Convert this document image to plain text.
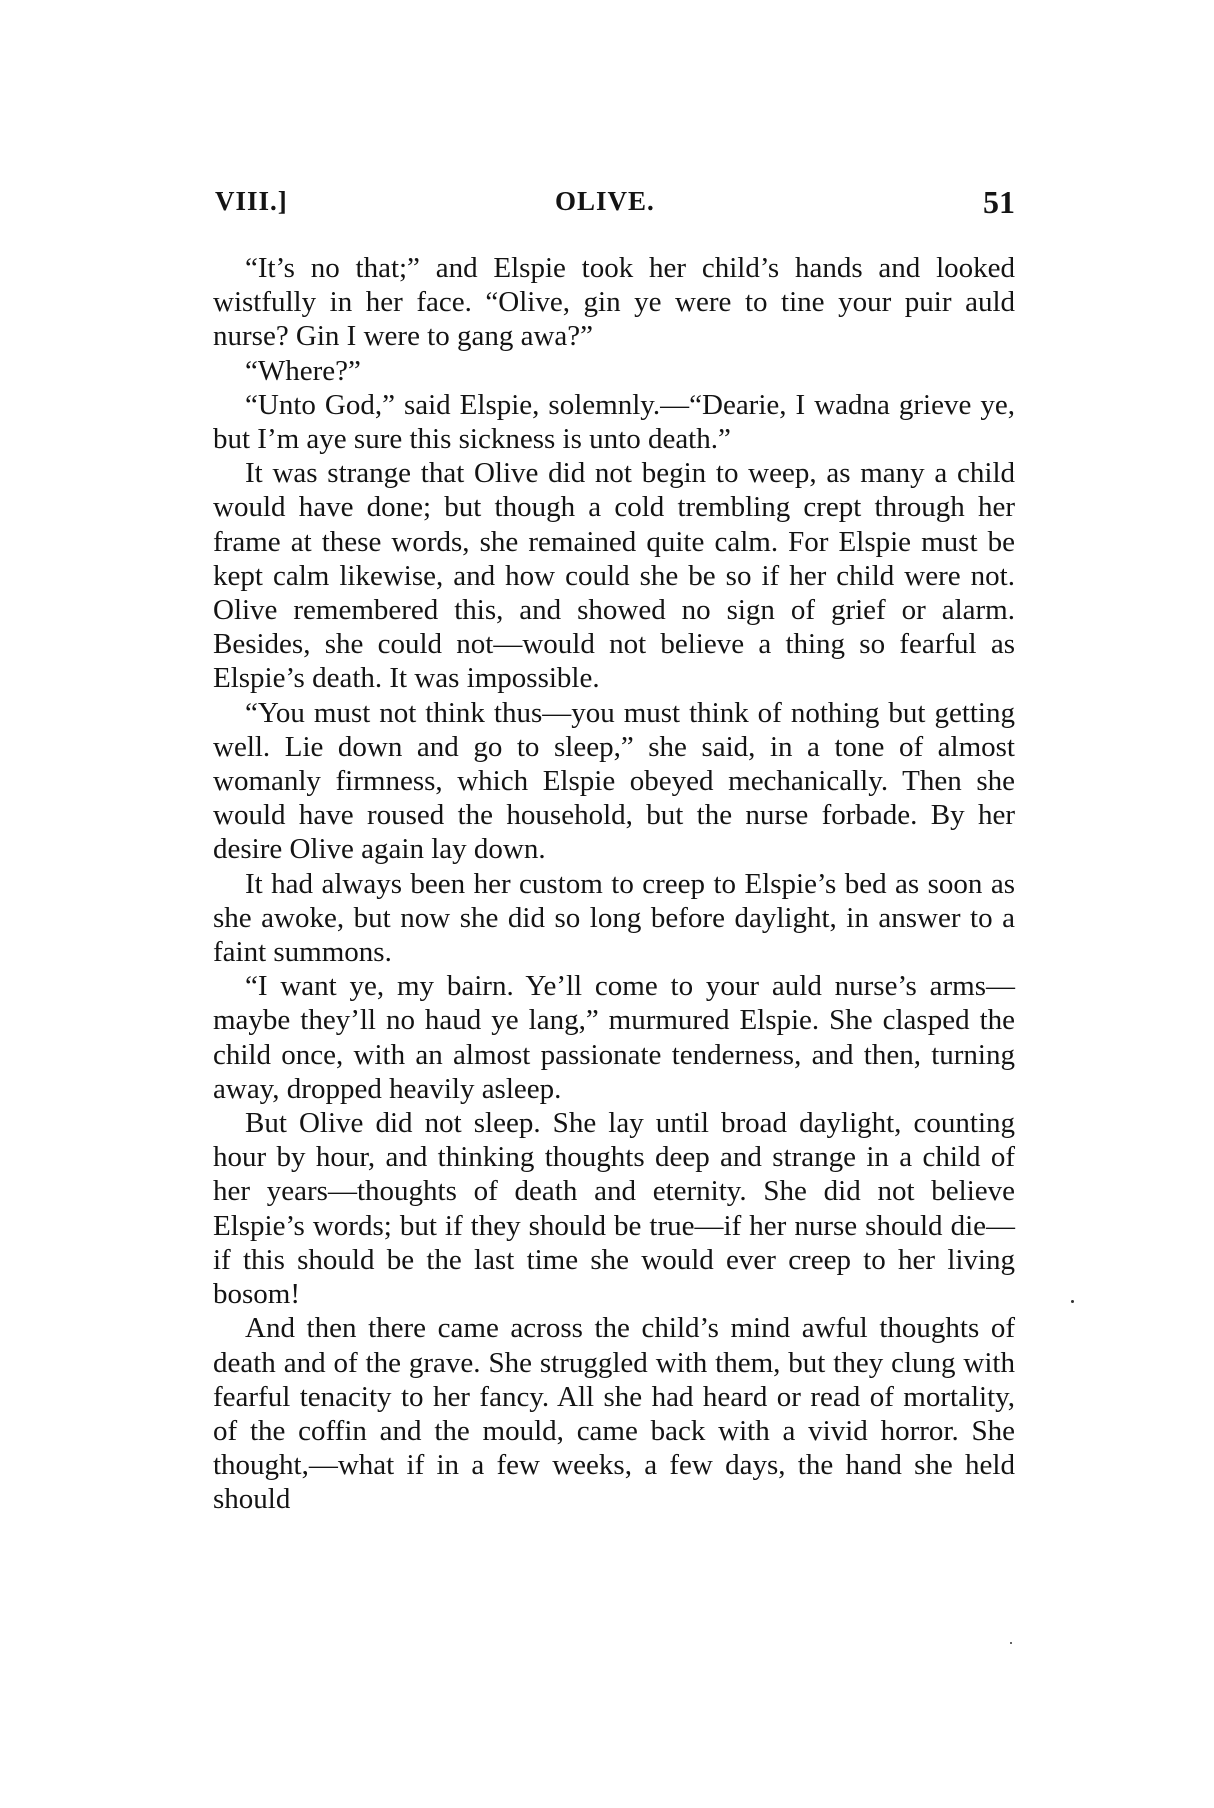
VIII.]	OLIVE.	51

“It’s no that;” and Elspie took her child’s hands and looked wistfully in her face. “Olive, gin ye were to tine your puir auld nurse? Gin I were to gang awa?”

“Where?”

“Unto God,” said Elspie, solemnly.—“Dearie, I wadna grieve ye, but I’m aye sure this sickness is unto death.”

It was strange that Olive did not begin to weep, as many a child would have done; but though a cold trembling crept through her frame at these words, she remained quite calm. For Elspie must be kept calm likewise, and how could she be so if her child were not. Olive remembered this, and showed no sign of grief or alarm. Besides, she could not—would not believe a thing so fearful as Elspie’s death. It was impossible.

“You must not think thus—you must think of nothing but getting well. Lie down and go to sleep,” she said, in a tone of almost womanly firmness, which Elspie obeyed mechanically. Then she would have roused the household, but the nurse forbade. By her desire Olive again lay down.

It had always been her custom to creep to Elspie’s bed as soon as she awoke, but now she did so long before daylight, in answer to a faint summons.

“I want ye, my bairn. Ye’ll come to your auld nurse’s arms—maybe they’ll no haud ye lang,” murmured Elspie. She clasped the child once, with an almost passionate tenderness, and then, turning away, dropped heavily asleep.

But Olive did not sleep. She lay until broad daylight, counting hour by hour, and thinking thoughts deep and strange in a child of her years—thoughts of death and eternity. She did not believe Elspie’s words; but if they should be true—if her nurse should die—if this should be the last time she would ever creep to her living bosom!

And then there came across the child’s mind awful thoughts of death and of the grave. She struggled with them, but they clung with fearful tenacity to her fancy. All she had heard or read of mortality, of the coffin and the mould, came back with a vivid horror. She thought,—what if in a few weeks, a few days, the hand she held should
